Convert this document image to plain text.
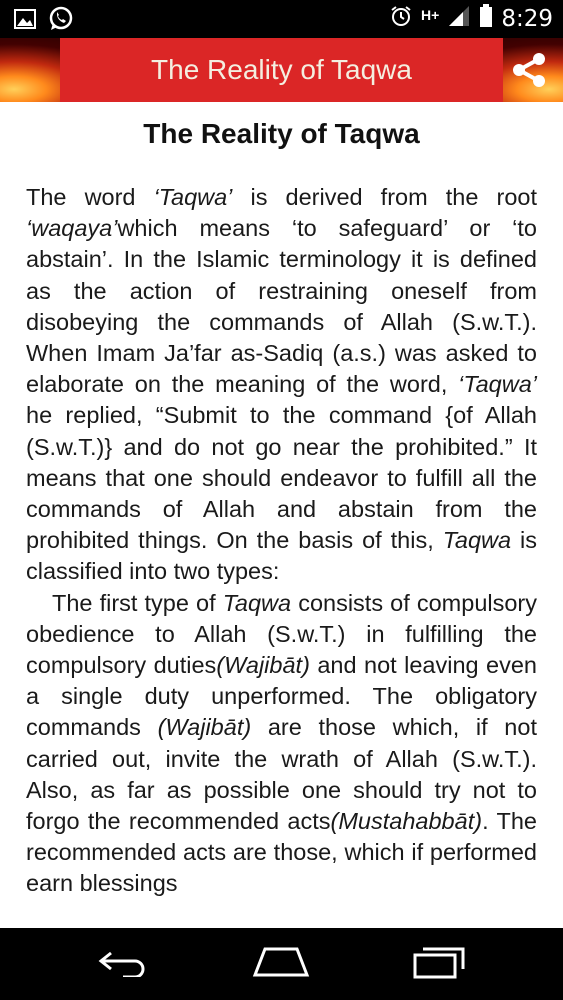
H+	8:29
The Reality of Taqwa
The Reality of Taqwa

The word ‘Taqwa’ is derived from the root ‘waqaya’which means ‘to safeguard’ or ‘to abstain’. In the Islamic terminology it is defined as the action of restraining oneself from disobeying the commands of Allah (S.w.T.). When Imam Ja’far as-Sadiq (a.s.) was asked to elaborate on the meaning of the word, ‘Taqwa’ he replied, “Submit to the command {of Allah (S.w.T.)} and do not go near the prohibited.” It means that one should endeavor to fulfill all the commands of Allah and abstain from the prohibited things. On the basis of this, Taqwa is classified into two types:

The first type of Taqwa consists of compulsory obedience to Allah (S.w.T.) in fulfilling the compulsory duties(Wajibāt) and not leaving even a single duty unperformed. The obligatory commands (Wajibāt) are those which, if not carried out, invite the wrath of Allah (S.w.T.). Also, as far as possible one should try not to forgo the recommended acts(Mustahabbāt). The recommended acts are those, which if performed earn blessings
